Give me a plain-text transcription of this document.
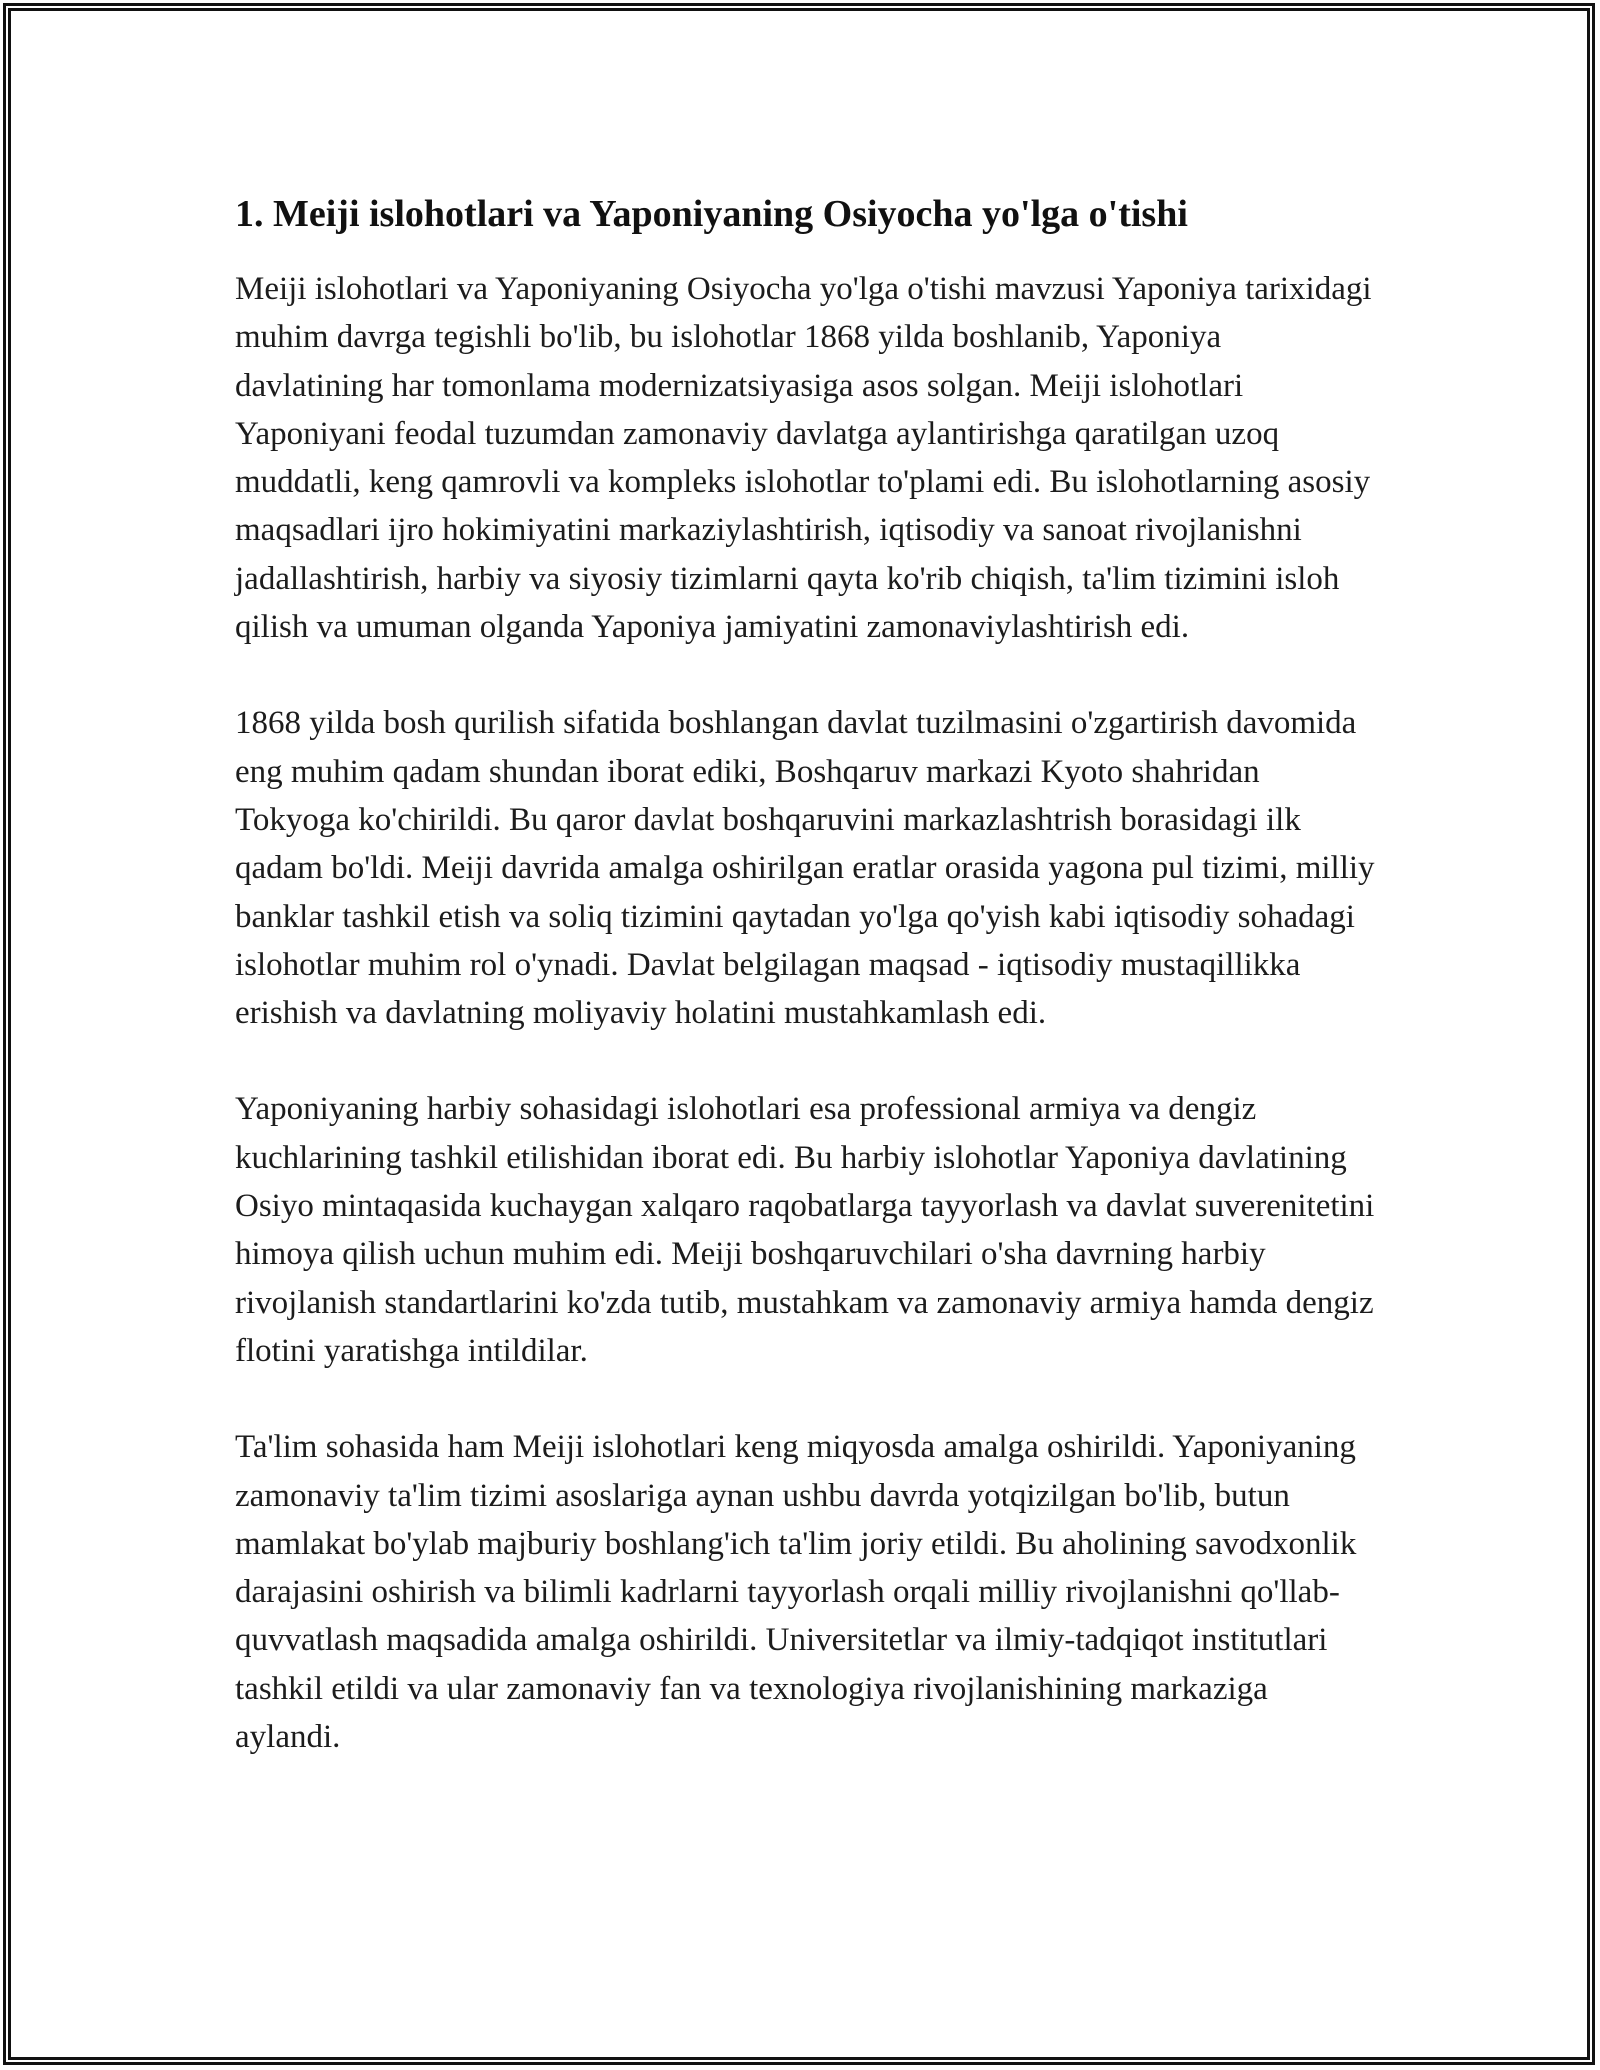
1. Meiji islohotlari va Yaponiyaning Osiyocha yo'lga o'tishi

Meiji islohotlari va Yaponiyaning Osiyocha yo'lga o'tishi mavzusi Yaponiya tarixidagi muhim davrga tegishli bo'lib, bu islohotlar 1868 yilda boshlanib, Yaponiya davlatining har tomonlama modernizatsiyasiga asos solgan. Meiji islohotlari Yaponiyani feodal tuzumdan zamonaviy davlatga aylantirishga qaratilgan uzoq muddatli, keng qamrovli va kompleks islohotlar to'plami edi. Bu islohotlarning asosiy maqsadlari ijro hokimiyatini markaziylashtirish, iqtisodiy va sanoat rivojlanishni jadallashtirish, harbiy va siyosiy tizimlarni qayta ko'rib chiqish, ta'lim tizimini isloh qilish va umuman olganda Yaponiya jamiyatini zamonaviylashtirish edi.

1868 yilda bosh qurilish sifatida boshlangan davlat tuzilmasini o'zgartirish davomida eng muhim qadam shundan iborat ediki, Boshqaruv markazi Kyoto shahridan Tokyoga ko'chirildi. Bu qaror davlat boshqaruvini markazlashtrish borasidagi ilk qadam bo'ldi. Meiji davrida amalga oshirilgan eratlar orasida yagona pul tizimi, milliy banklar tashkil etish va soliq tizimini qaytadan yo'lga qo'yish kabi iqtisodiy sohadagi islohotlar muhim rol o'ynadi. Davlat belgilagan maqsad - iqtisodiy mustaqillikka erishish va davlatning moliyaviy holatini mustahkamlash edi.

Yaponiyaning harbiy sohasidagi islohotlari esa professional armiya va dengiz kuchlarining tashkil etilishidan iborat edi. Bu harbiy islohotlar Yaponiya davlatining Osiyo mintaqasida kuchaygan xalqaro raqobatlarga tayyorlash va davlat suverenitetini himoya qilish uchun muhim edi. Meiji boshqaruvchilari o'sha davrning harbiy rivojlanish standartlarini ko'zda tutib, mustahkam va zamonaviy armiya hamda dengiz flotini yaratishga intildilar.

Ta'lim sohasida ham Meiji islohotlari keng miqyosda amalga oshirildi. Yaponiyaning zamonaviy ta'lim tizimi asoslariga aynan ushbu davrda yotqizilgan bo'lib, butun mamlakat bo'ylab majburiy boshlang'ich ta'lim joriy etildi. Bu aholining savodxonlik darajasini oshirish va bilimli kadrlarni tayyorlash orqali milliy rivojlanishni qo'llab-quvvatlash maqsadida amalga oshirildi. Universitetlar va ilmiy-tadqiqot institutlari tashkil etildi va ular zamonaviy fan va texnologiya rivojlanishining markaziga aylandi.
